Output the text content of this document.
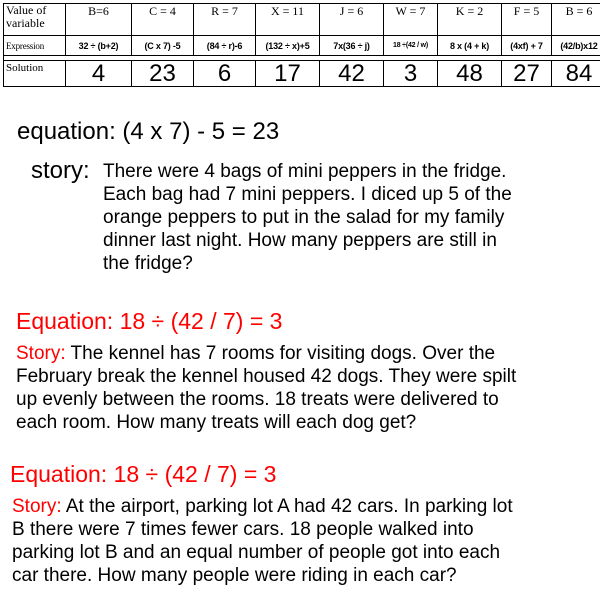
Value of variable	B=6	C = 4	R = 7	X = 11	J = 6	W = 7	K = 2	F = 5	B = 6
Expression	32 ÷ (b+2)	(C x 7) -5	(84 ÷ r)-6	(132 ÷ x)+5	7x(36 ÷ j)	18 ÷(42 / w)	8 x (4 + k)	(4xf) + 7	(42/b)x12

Solution	4	23	6	17	42	3	48	27	84
equation: (4 x 7) - 5 = 23
story: There were 4 bags of mini peppers in the fridge.
Each bag had 7 mini peppers. I diced up 5 of the
orange peppers to put in the salad for my family
dinner last night. How many peppers are still in
the fridge?
Equation: 18 ÷ (42 / 7) = 3
Story: The kennel has 7 rooms for visiting dogs. Over the
February break the kennel housed 42 dogs. They were spilt
up evenly between the rooms. 18 treats were delivered to
each room. How many treats will each dog get?
Equation: 18 ÷ (42 / 7) = 3
Story: At the airport, parking lot A had 42 cars. In parking lot
B there were 7 times fewer cars. 18 people walked into
parking lot B and an equal number of people got into each
car there. How many people were riding in each car?
